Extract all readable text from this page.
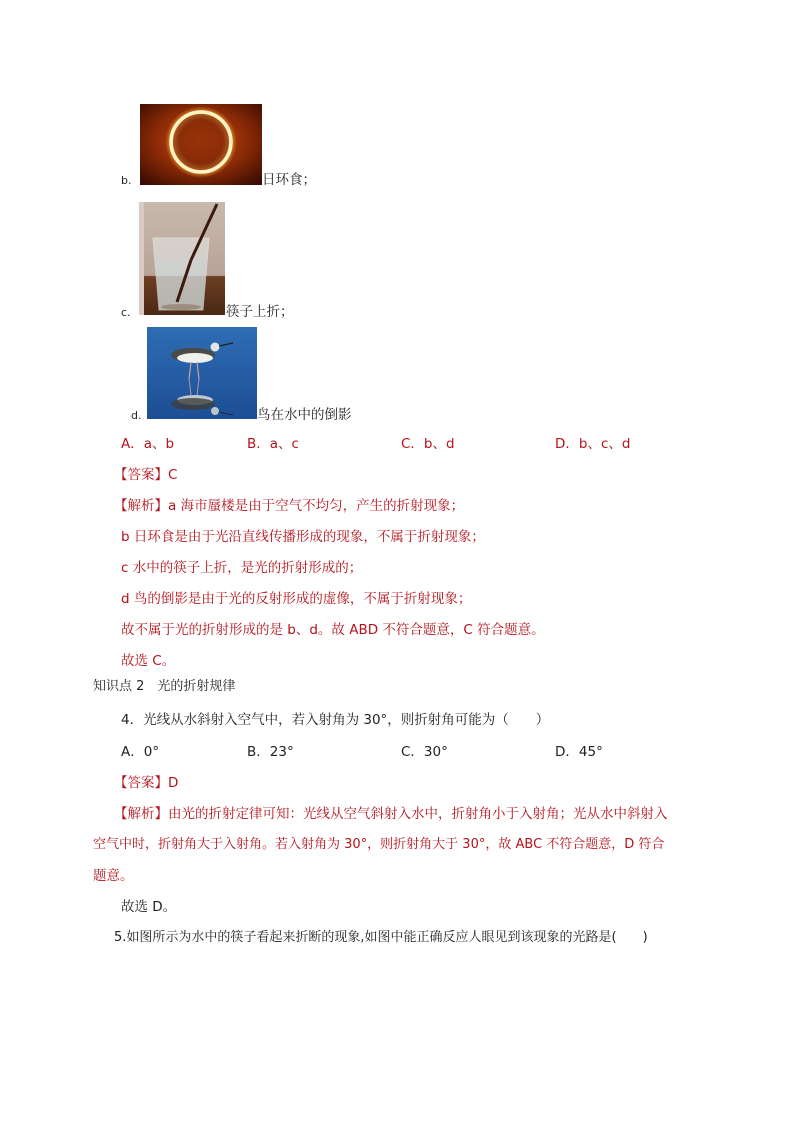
b.	日环食；
c.	筷子上折；
d.	鸟在水中的倒影
A．a、b	B．a、c	C．b、d	D．b、c、d
【答案】C
【解析】a 海市蜃楼是由于空气不均匀，产生的折射现象；
b 日环食是由于光沿直线传播形成的现象，不属于折射现象；
c 水中的筷子上折，是光的折射形成的；
d 鸟的倒影是由于光的反射形成的虚像，不属于折射现象；
故不属于光的折射形成的是 b、d。故 ABD 不符合题意，C 符合题意。
故选 C。
知识点 2　光的折射规律
4．光线从水斜射入空气中，若入射角为 30°，则折射角可能为（　　）
A．0°	B．23°	C．30°	D．45°
【答案】D
【解析】由光的折射定律可知：光线从空气斜射入水中，折射角小于入射角；光从水中斜射入
空气中时，折射角大于入射角。若入射角为 30°，则折射角大于 30°，故 ABC 不符合题意，D 符合
题意。
故选 D。
5.如图所示为水中的筷子看起来折断的现象,如图中能正确反应人眼见到该现象的光路是(　　)
